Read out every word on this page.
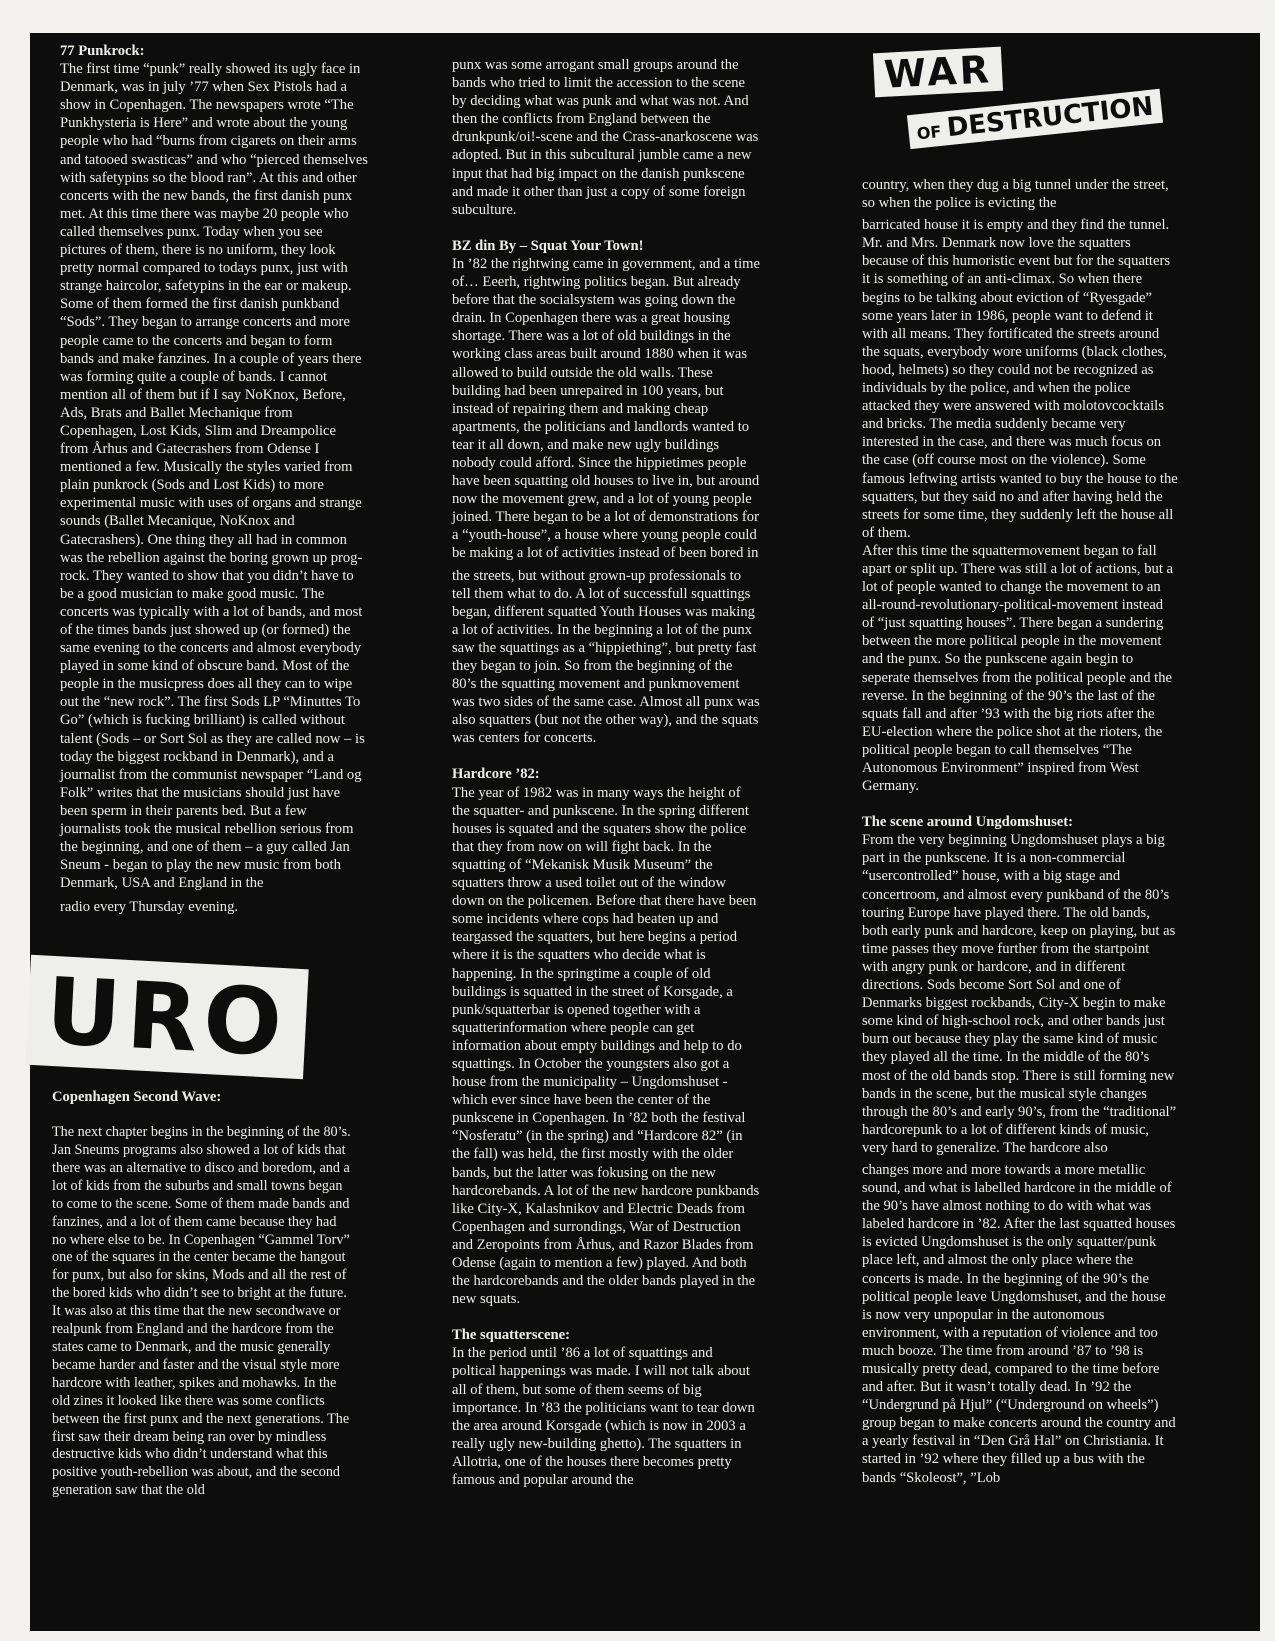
77 Punkrock:

The first time “punk” really showed its ugly face in Denmark, was in july ’77 when Sex Pistols had a show in Copenhagen. The newspapers wrote “The Punkhysteria is Here” and wrote about the young people who had “burns from cigarets on their arms and tatooed swasticas” and who “pierced themselves with safetypins so the blood ran”. At this and other concerts with the new bands, the first danish punx met. At this time there was maybe 20 people who called themselves punx. Today when you see pictures of them, there is no uniform, they look pretty normal compared to todays punx, just with strange haircolor, safetypins in the ear or makeup. Some of them formed the first danish punkband “Sods”. They began to arrange concerts and more people came to the concerts and began to form bands and make fanzines. In a couple of years there was forming quite a couple of bands. I cannot mention all of them but if I say NoKnox, Before, Ads, Brats and Ballet Mechanique from Copenhagen, Lost Kids, Slim and Dreampolice from Århus and Gatecrashers from Odense I mentioned a few. Musically the styles varied from plain punkrock (Sods and Lost Kids) to more experimental music with uses of organs and strange sounds (Ballet Mecanique, NoKnox and Gatecrashers). One thing they all had in common was the rebellion against the boring grown up prog-rock. They wanted to show that you didn’t have to be a good musician to make good music. The concerts was typically with a lot of bands, and most of the times bands just showed up (or formed) the same evening to the concerts and almost everybody played in some kind of obscure band. Most of the people in the musicpress does all they can to wipe out the “new rock”. The first Sods LP “Minuttes To Go” (which is fucking brilliant) is called without talent (Sods – or Sort Sol as they are called now – is today the biggest rockband in Denmark), and a journalist from the communist newspaper “Land og Folk” writes that the musicians should just have been sperm in their parents bed. But a few journalists took the musical rebellion serious from the beginning, and one of them – a guy called Jan Sneum - began to play the new music from both Denmark, USA and England in the

radio every Thursday evening.

URO
Copenhagen Second Wave:

The next chapter begins in the beginning of the 80’s. Jan Sneums programs also showed a lot of kids that there was an alternative to disco and boredom, and a lot of kids from the suburbs and small towns began to come to the scene. Some of them made bands and fanzines, and a lot of them came because they had no where else to be. In Copenhagen “Gammel Torv” one of the squares in the center became the hangout for punx, but also for skins, Mods and all the rest of the bored kids who didn’t see to bright at the future. It was also at this time that the new secondwave or realpunk from England and the hardcore from the states came to Denmark, and the music generally became harder and faster and the visual style more hardcore with leather, spikes and mohawks. In the old zines it looked like there was some conflicts between the first punx and the next generations. The first saw their dream being ran over by mindless destructive kids who didn’t understand what this positive youth-rebellion was about, and the second generation saw that the old

punx was some arrogant small groups around the bands who tried to limit the accession to the scene by deciding what was punk and what was not. And then the conflicts from England between the drunkpunk/oi!-scene and the Crass-anarkoscene was adopted. But in this subcultural jumble came a new input that had big impact on the danish punkscene and made it other than just a copy of some foreign subculture.

BZ din By – Squat Your Town!

In ’82 the rightwing came in government, and a time of… Eeerh, rightwing politics began. But already before that the socialsystem was going down the drain. In Copenhagen there was a great housing shortage. There was a lot of old buildings in the working class areas built around 1880 when it was allowed to build outside the old walls. These building had been unrepaired in 100 years, but instead of repairing them and making cheap apartments, the politicians and landlords wanted to tear it all down, and make new ugly buildings nobody could afford. Since the hippietimes people have been squatting old houses to live in, but around now the movement grew, and a lot of young people joined. There began to be a lot of demonstrations for a “youth-house”, a house where young people could be making a lot of activities instead of been bored in

the streets, but without grown-up professionals to tell them what to do. A lot of successfull squattings began, different squatted Youth Houses was making a lot of activities. In the beginning a lot of the punx saw the squattings as a “hippiething”, but pretty fast they began to join. So from the beginning of the 80’s the squatting movement and punkmovement was two sides of the same case. Almost all punx was also squatters (but not the other way), and the squats was centers for concerts.

Hardcore ’82:

The year of 1982 was in many ways the height of the squatter- and punkscene. In the spring different houses is squated and the squaters show the police that they from now on will fight back. In the squatting of “Mekanisk Musik Museum” the squatters throw a used toilet out of the window down on the policemen. Before that there have been some incidents where cops had beaten up and teargassed the squatters, but here begins a period where it is the squatters who decide what is happening. In the springtime a couple of old buildings is squatted in the street of Korsgade, a punk/squatterbar is opened together with a squatterinformation where people can get information about empty buildings and help to do squattings. In October the youngsters also got a house from the municipality – Ungdomshuset - which ever since have been the center of the punkscene in Copenhagen. In ’82 both the festival “Nosferatu” (in the spring) and “Hardcore 82” (in the fall) was held, the first mostly with the older bands, but the latter was fokusing on the new hardcorebands. A lot of the new hardcore punkbands like City-X, Kalashnikov and Electric Deads from Copenhagen and surrondings, War of Destruction and Zeropoints from Århus, and Razor Blades from Odense (again to mention a few) played. And both the hardcorebands and the older bands played in the new squats.

The squatterscene:

In the period until ’86 a lot of squattings and poltical happenings was made. I will not talk about all of them, but some of them seems of big importance. In ’83 the politicians want to tear down the area around Korsgade (which is now in 2003 a really ugly new-building ghetto). The squatters in Allotria, one of the houses there becomes pretty famous and popular around the

WAR
OF DESTRUCTION

country, when they dug a big tunnel under the street, so when the police is evicting the

barricated house it is empty and they find the tunnel. Mr. and Mrs. Denmark now love the squatters because of this humoristic event but for the squatters it is something of an anti-climax. So when there begins to be talking about eviction of “Ryesgade” some years later in 1986, people want to defend it with all means. They fortificated the streets around the squats, everybody wore uniforms (black clothes, hood, helmets) so they could not be recognized as individuals by the police, and when the police attacked they were answered with molotovcocktails and bricks. The media suddenly became very interested in the case, and there was much focus on the case (off course most on the violence). Some famous leftwing artists wanted to buy the house to the squatters, but they said no and after having held the streets for some time, they suddenly left the house all of them.

After this time the squattermovement began to fall apart or split up. There was still a lot of actions, but a lot of people wanted to change the movement to an all-round-revolutionary-political-movement instead of “just squatting houses”. There began a sundering between the more political people in the movement and the punx. So the punkscene again begin to seperate themselves from the political people and the reverse. In the beginning of the 90’s the last of the squats fall and after ’93 with the big riots after the EU-election where the police shot at the rioters, the political people began to call themselves “The Autonomous Environment” inspired from West Germany.

The scene around Ungdomshuset:

From the very beginning Ungdomshuset plays a big part in the punkscene. It is a non-commercial “usercontrolled” house, with a big stage and concertroom, and almost every punkband of the 80’s touring Europe have played there. The old bands, both early punk and hardcore, keep on playing, but as time passes they move further from the startpoint with angry punk or hardcore, and in different directions. Sods become Sort Sol and one of Denmarks biggest rockbands, City-X begin to make some kind of high-school rock, and other bands just burn out because they play the same kind of music they played all the time. In the middle of the 80’s most of the old bands stop. There is still forming new bands in the scene, but the musical style changes through the 80’s and early 90’s, from the “traditional” hardcorepunk to a lot of different kinds of music, very hard to generalize. The hardcore also

changes more and more towards a more metallic sound, and what is labelled hardcore in the middle of the 90’s have almost nothing to do with what was labeled hardcore in ’82. After the last squatted houses is evicted Ungdomshuset is the only squatter/punk place left, and almost the only place where the concerts is made. In the beginning of the 90’s the political people leave Ungdomshuset, and the house is now very unpopular in the autonomous environment, with a reputation of violence and too much booze. The time from around ’87 to ’98 is musically pretty dead, compared to the time before and after. But it wasn’t totally dead. In ’92 the “Undergrund på Hjul” (“Underground on wheels”) group began to make concerts around the country and a yearly festival in “Den Grå Hal” on Christiania. It started in ’92 where they filled up a bus with the bands “Skoleost”, ”Lob
